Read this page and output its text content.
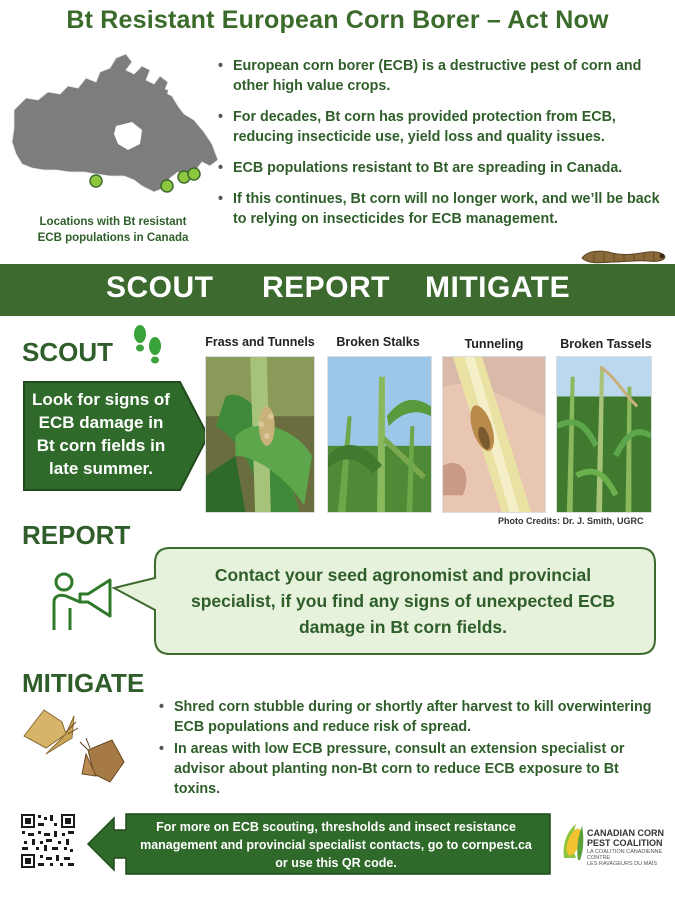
Bt Resistant European Corn Borer – Act Now
Locations with Bt resistant
ECB populations in Canada
• European corn borer (ECB) is a destructive pest of corn and other high value crops.
• For decades, Bt corn has provided protection from ECB, reducing insecticide use, yield loss and quality issues.
• ECB populations resistant to Bt are spreading in Canada.
• If this continues, Bt corn will no longer work, and we’ll be back to relying on insecticides for ECB management.
SCOUT REPORT MITIGATE
SCOUT
Look for signs of
ECB damage in
Bt corn fields in
late summer.
Frass and Tunnels	Broken Stalks	Tunneling	Broken Tassels
Photo Credits: Dr. J. Smith, UGRC
REPORT
Contact your seed agronomist and provincial
specialist, if you find any signs of unexpected ECB
damage in Bt corn fields.
MITIGATE
• Shred corn stubble during or shortly after harvest to kill overwintering ECB populations and reduce risk of spread.
• In areas with low ECB pressure, consult an extension specialist or advisor about planting non-Bt corn to reduce ECB exposure to Bt toxins.
For more on ECB scouting, thresholds and insect resistance
management and provincial specialist contacts, go to cornpest.ca
or use this QR code.
CANADIAN CORN
PEST COALITION
LA COALITION CANADIENNE CONTRE
LES RAVAGEURS DU MAÏS
